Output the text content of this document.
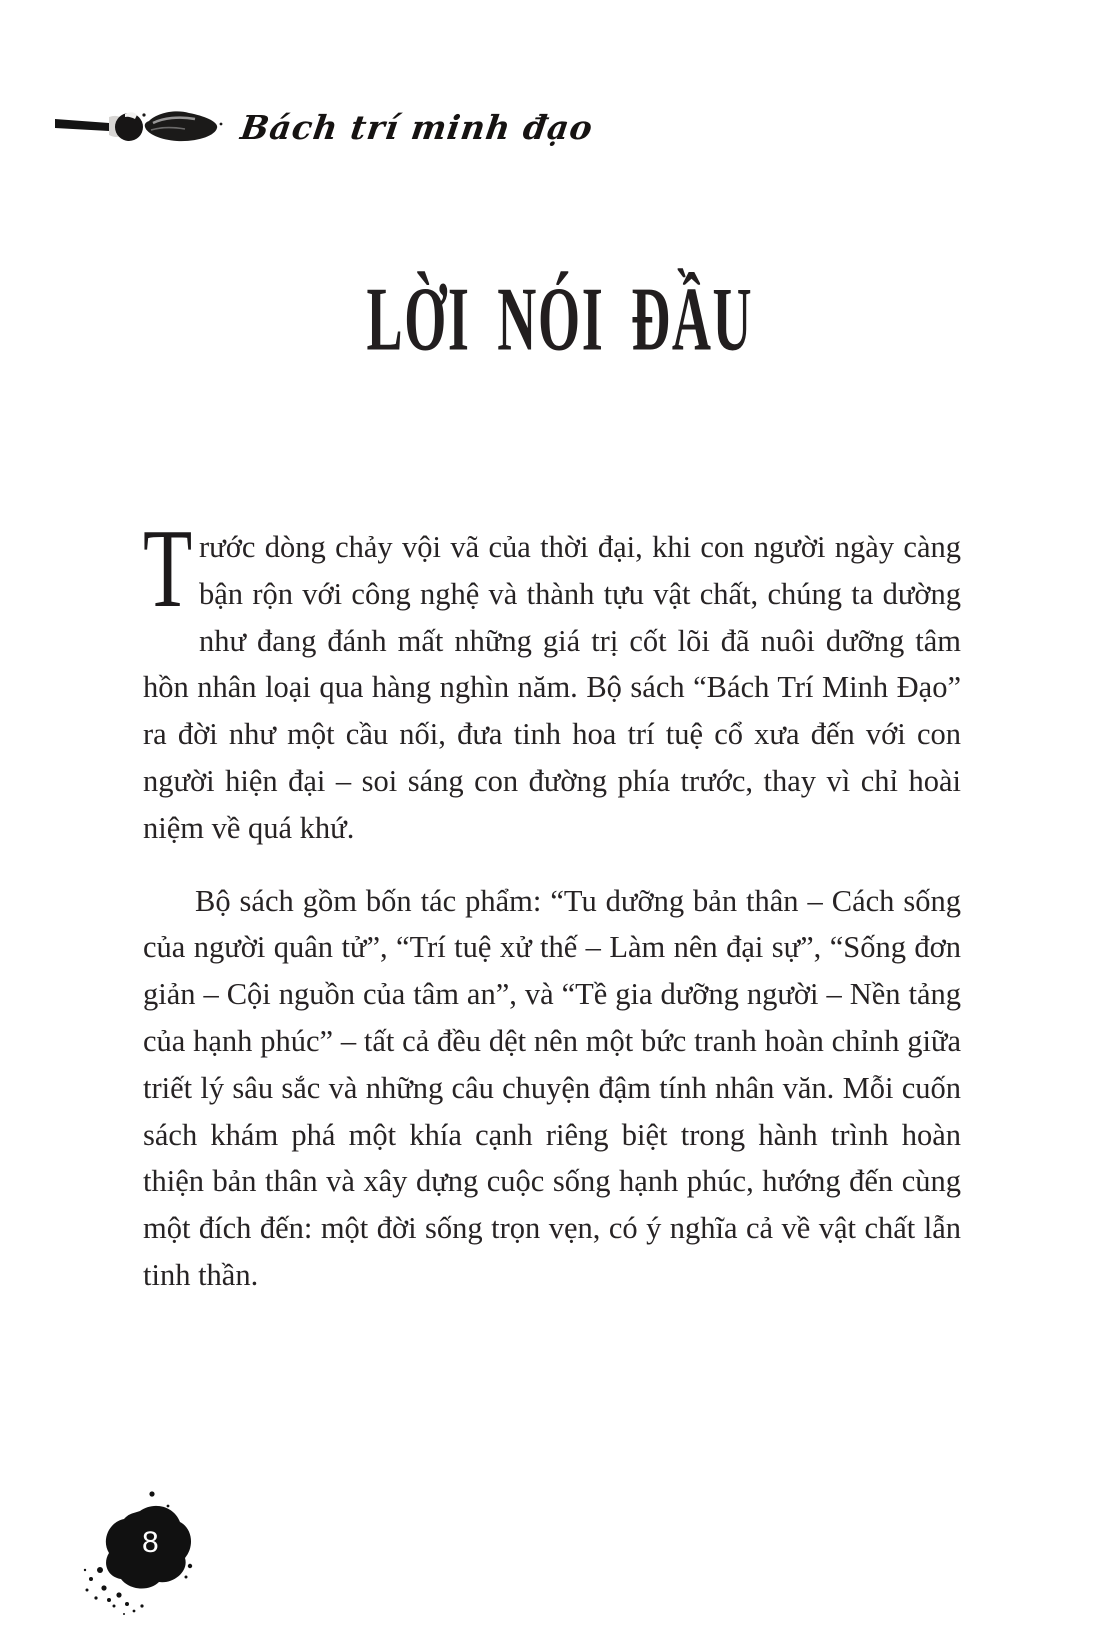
Bách trí minh đạo
LỜI NÓI ĐẦU

Trước dòng chảy vội vã của thời đại, khi con người ngày càng bận rộn với công nghệ và thành tựu vật chất, chúng ta dường như đang đánh mất những giá trị cốt lõi đã nuôi dưỡng tâm hồn nhân loại qua hàng nghìn năm. Bộ sách “Bách Trí Minh Đạo” ra đời như một cầu nối, đưa tinh hoa trí tuệ cổ xưa đến với con người hiện đại – soi sáng con đường phía trước, thay vì chỉ hoài niệm về quá khứ.

Bộ sách gồm bốn tác phẩm: “Tu dưỡng bản thân – Cách sống của người quân tử”, “Trí tuệ xử thế – Làm nên đại sự”, “Sống đơn giản – Cội nguồn của tâm an”, và “Tề gia dưỡng người – Nền tảng của hạnh phúc” – tất cả đều dệt nên một bức tranh hoàn chỉnh giữa triết lý sâu sắc và những câu chuyện đậm tính nhân văn. Mỗi cuốn sách khám phá một khía cạnh riêng biệt trong hành trình hoàn thiện bản thân và xây dựng cuộc sống hạnh phúc, hướng đến cùng một đích đến: một đời sống trọn vẹn, có ý nghĩa cả về vật chất lẫn tinh thần.

8
